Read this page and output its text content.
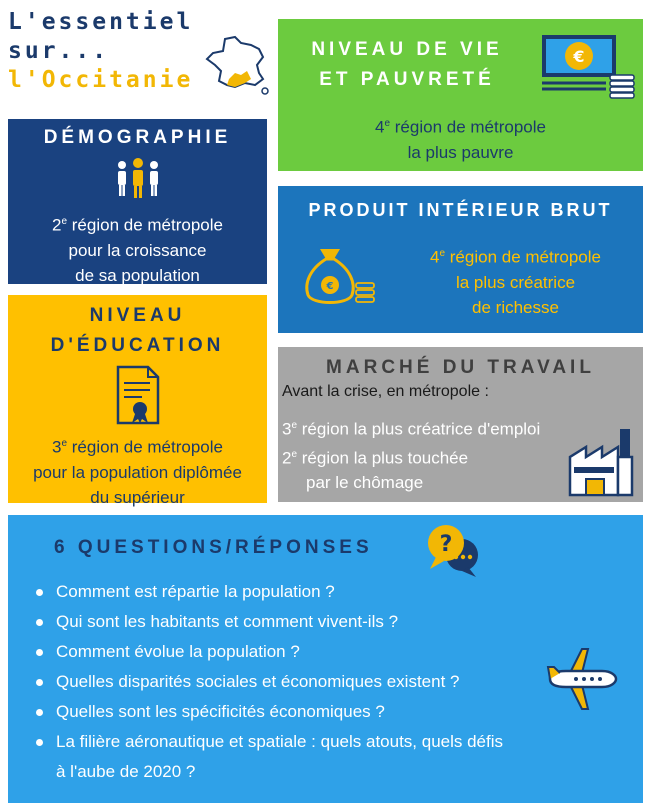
L'essentiel
sur...
l'Occitanie
DÉMOGRAPHIE
2e région de métropole
pour la croissance
de sa population
NIVEAU
D'ÉDUCATION
3e région de métropole
pour la population diplômée
du supérieur
NIVEAU DE VIE
ET PAUVRETÉ
€
4e région de métropole
la plus pauvre
PRODUIT INTÉRIEUR BRUT
€
4e région de métropole
la plus créatrice
de richesse
MARCHÉ DU TRAVAIL
Avant la crise, en métropole :
3e région la plus créatrice d'emploi
2e région la plus touchée
par le chômage
6 QUESTIONS/RÉPONSES	?
Comment est répartie la population ?
Qui sont les habitants et comment vivent-ils ?
Comment évolue la population ?
Quelles disparités sociales et économiques existent ?
Quelles sont les spécificités économiques ?
La filière aéronautique et spatiale : quels atouts, quels défis
à l'aube de 2020 ?
